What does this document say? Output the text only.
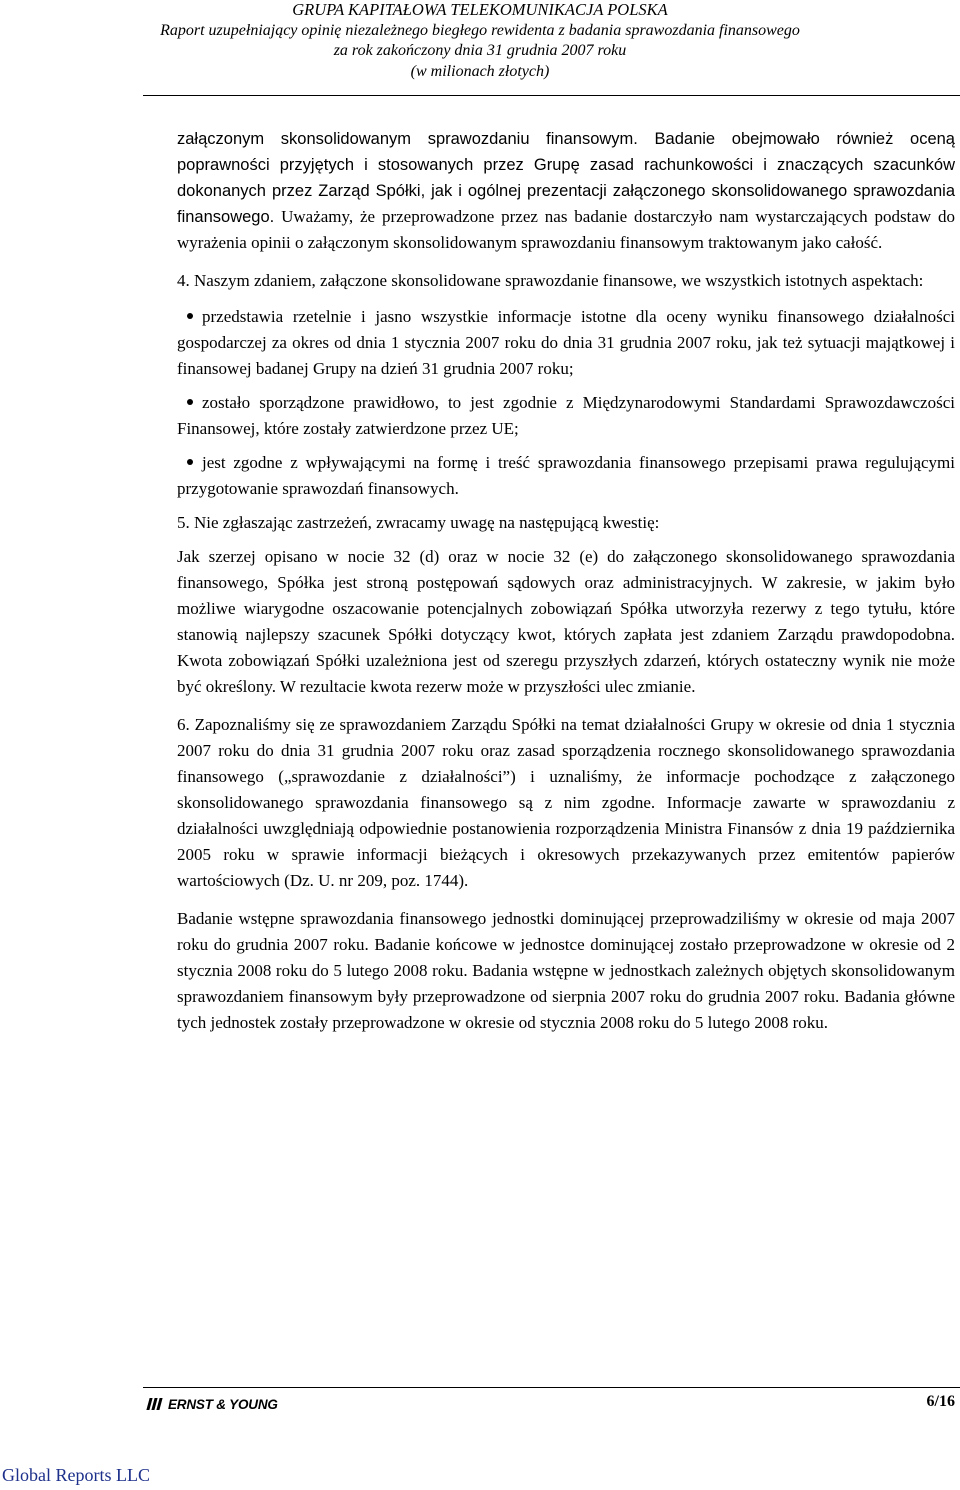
GRUPA KAPITAŁOWA TELEKOMUNIKACJA POLSKA
Raport uzupełniający opinię niezależnego biegłego rewidenta z badania sprawozdania finansowego
za rok zakończony dnia 31 grudnia 2007 roku
(w milionach złotych)

załączonym skonsolidowanym sprawozdaniu finansowym. Badanie obejmowało również oceną poprawności przyjętych i stosowanych przez Grupę zasad rachunkowości i znaczących szacunków dokonanych przez Zarząd Spółki, jak i ogólnej prezentacji załączonego skonsolidowanego sprawozdania finansowego. Uważamy, że przeprowadzone przez nas badanie dostarczyło nam wystarczających podstaw do wyrażenia opinii o załączonym skonsolidowanym sprawozdaniu finansowym traktowanym jako całość.

4. Naszym zdaniem, załączone skonsolidowane sprawozdanie finansowe, we wszystkich istotnych aspektach:

przedstawia rzetelnie i jasno wszystkie informacje istotne dla oceny wyniku finansowego działalności gospodarczej za okres od dnia 1 stycznia 2007 roku do dnia 31 grudnia 2007 roku, jak też sytuacji majątkowej i finansowej badanej Grupy na dzień 31 grudnia 2007 roku;

zostało sporządzone prawidłowo, to jest zgodnie z Międzynarodowymi Standardami Sprawozdawczości Finansowej, które zostały zatwierdzone przez UE;

jest zgodne z wpływającymi na formę i treść sprawozdania finansowego przepisami prawa regulującymi przygotowanie sprawozdań finansowych.

5. Nie zgłaszając zastrzeżeń, zwracamy uwagę na następującą kwestię:

Jak szerzej opisano w nocie 32 (d) oraz w nocie 32 (e) do załączonego skonsolidowanego sprawozdania finansowego, Spółka jest stroną postępowań sądowych oraz administracyjnych. W zakresie, w jakim było możliwe wiarygodne oszacowanie potencjalnych zobowiązań Spółka utworzyła rezerwy z tego tytułu, które stanowią najlepszy szacunek Spółki dotyczący kwot, których zapłata jest zdaniem Zarządu prawdopodobna. Kwota zobowiązań Spółki uzależniona jest od szeregu przyszłych zdarzeń, których ostateczny wynik nie może być określony. W rezultacie kwota rezerw może w przyszłości ulec zmianie.

6. Zapoznaliśmy się ze sprawozdaniem Zarządu Spółki na temat działalności Grupy w okresie od dnia 1 stycznia 2007 roku do dnia 31 grudnia 2007 roku oraz zasad sporządzenia rocznego skonsolidowanego sprawozdania finansowego („sprawozdanie z działalności”) i uznaliśmy, że informacje pochodzące z załączonego skonsolidowanego sprawozdania finansowego są z nim zgodne. Informacje zawarte w sprawozdaniu z działalności uwzględniają odpowiednie postanowienia rozporządzenia Ministra Finansów z dnia 19 października 2005 roku w sprawie informacji bieżących i okresowych przekazywanych przez emitentów papierów wartościowych (Dz. U. nr 209, poz. 1744).

Badanie wstępne sprawozdania finansowego jednostki dominującej przeprowadziliśmy w okresie od maja 2007 roku do grudnia 2007 roku. Badanie końcowe w jednostce dominującej zostało przeprowadzone w okresie od 2 stycznia 2008 roku do 5 lutego 2008 roku. Badania wstępne w jednostkach zależnych objętych skonsolidowanym sprawozdaniem finansowym były przeprowadzone od sierpnia 2007 roku do grudnia 2007 roku. Badania główne tych jednostek zostały przeprowadzone w okresie od stycznia 2008 roku do 5 lutego 2008 roku.

ERNST & YOUNG	6/16
Global Reports LLC
